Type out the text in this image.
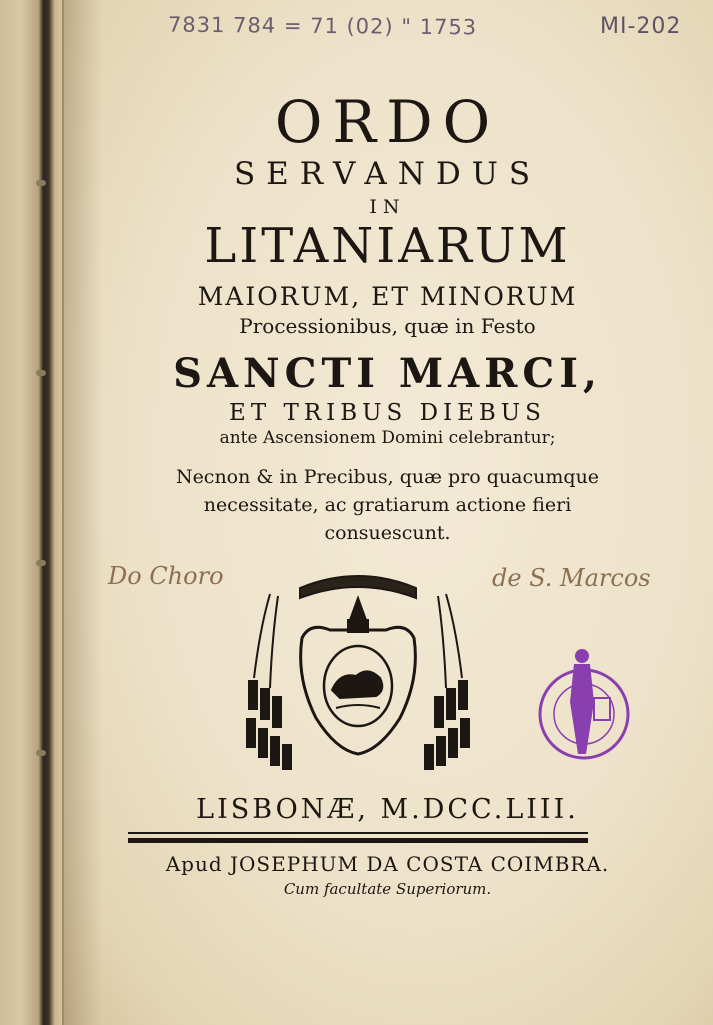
7831 784 = 71 (02) " 1753	MI-202
ORDO
SERVANDUS
IN
LITANIARUM
MAIORUM, ET MINORUM
Processionibus, quæ in Festo
SANCTI MARCI,
ET TRIBUS DIEBUS
ante Ascensionem Domini celebrantur;
Necnon & in Precibus, quæ pro quacumque
necessitate, ac gratiarum actione fieri
consuescunt.
Do Choro	de S. Marcos
LISBONÆ, M.DCC.LIII.
Apud JOSEPHUM DA COSTA COIMBRA.
Cum facultate Superiorum.
